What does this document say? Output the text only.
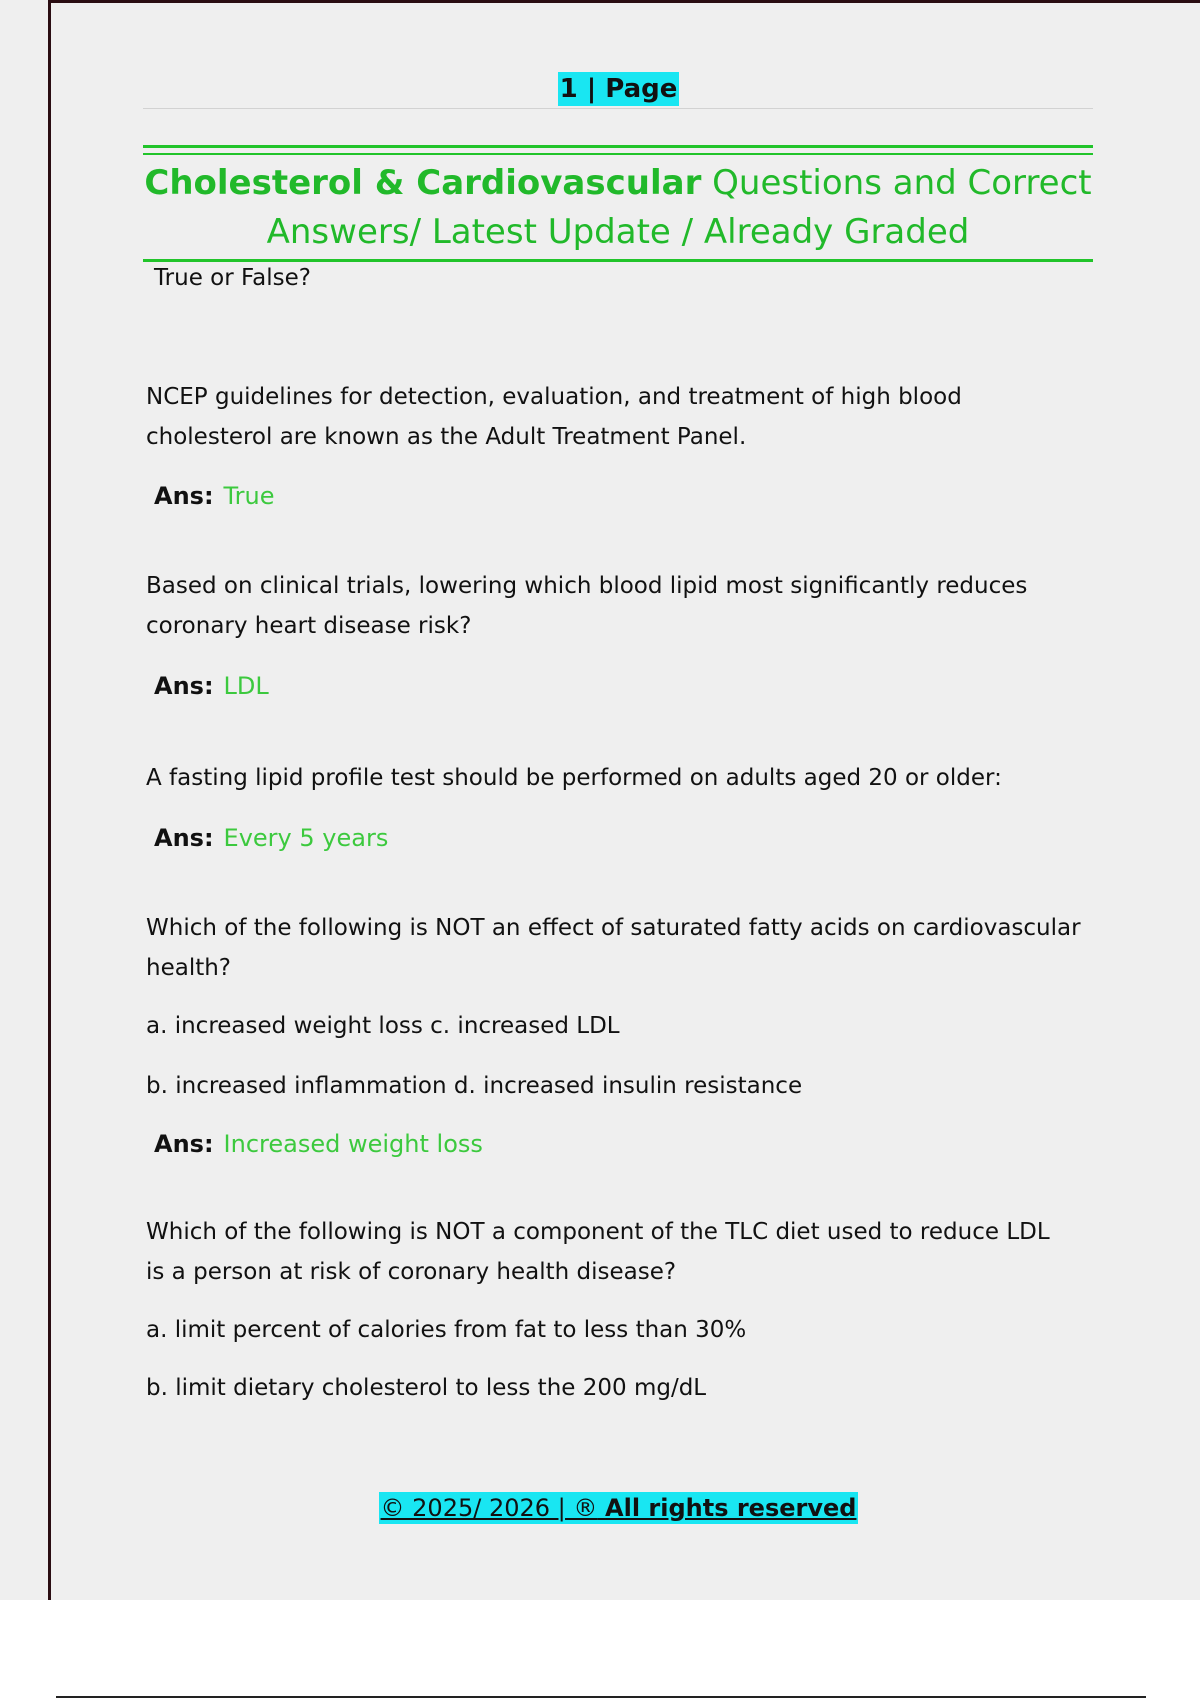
1 | Page
Cholesterol & Cardiovascular Questions and Correct Answers/ Latest Update / Already Graded
True or False?
NCEP guidelines for detection, evaluation, and treatment of high blood
cholesterol are known as the Adult Treatment Panel.
Ans: True
Based on clinical trials, lowering which blood lipid most significantly reduces
coronary heart disease risk?
Ans: LDL
A fasting lipid profile test should be performed on adults aged 20 or older:
Ans: Every 5 years
Which of the following is NOT an effect of saturated fatty acids on cardiovascular
health?
a. increased weight loss c. increased LDL
b. increased inflammation d. increased insulin resistance
Ans: Increased weight loss
Which of the following is NOT a component of the TLC diet used to reduce LDL
is a person at risk of coronary health disease?
a. limit percent of calories from fat to less than 30%
b. limit dietary cholesterol to less the 200 mg/dL
© 2025/ 2026 | ® All rights reserved
